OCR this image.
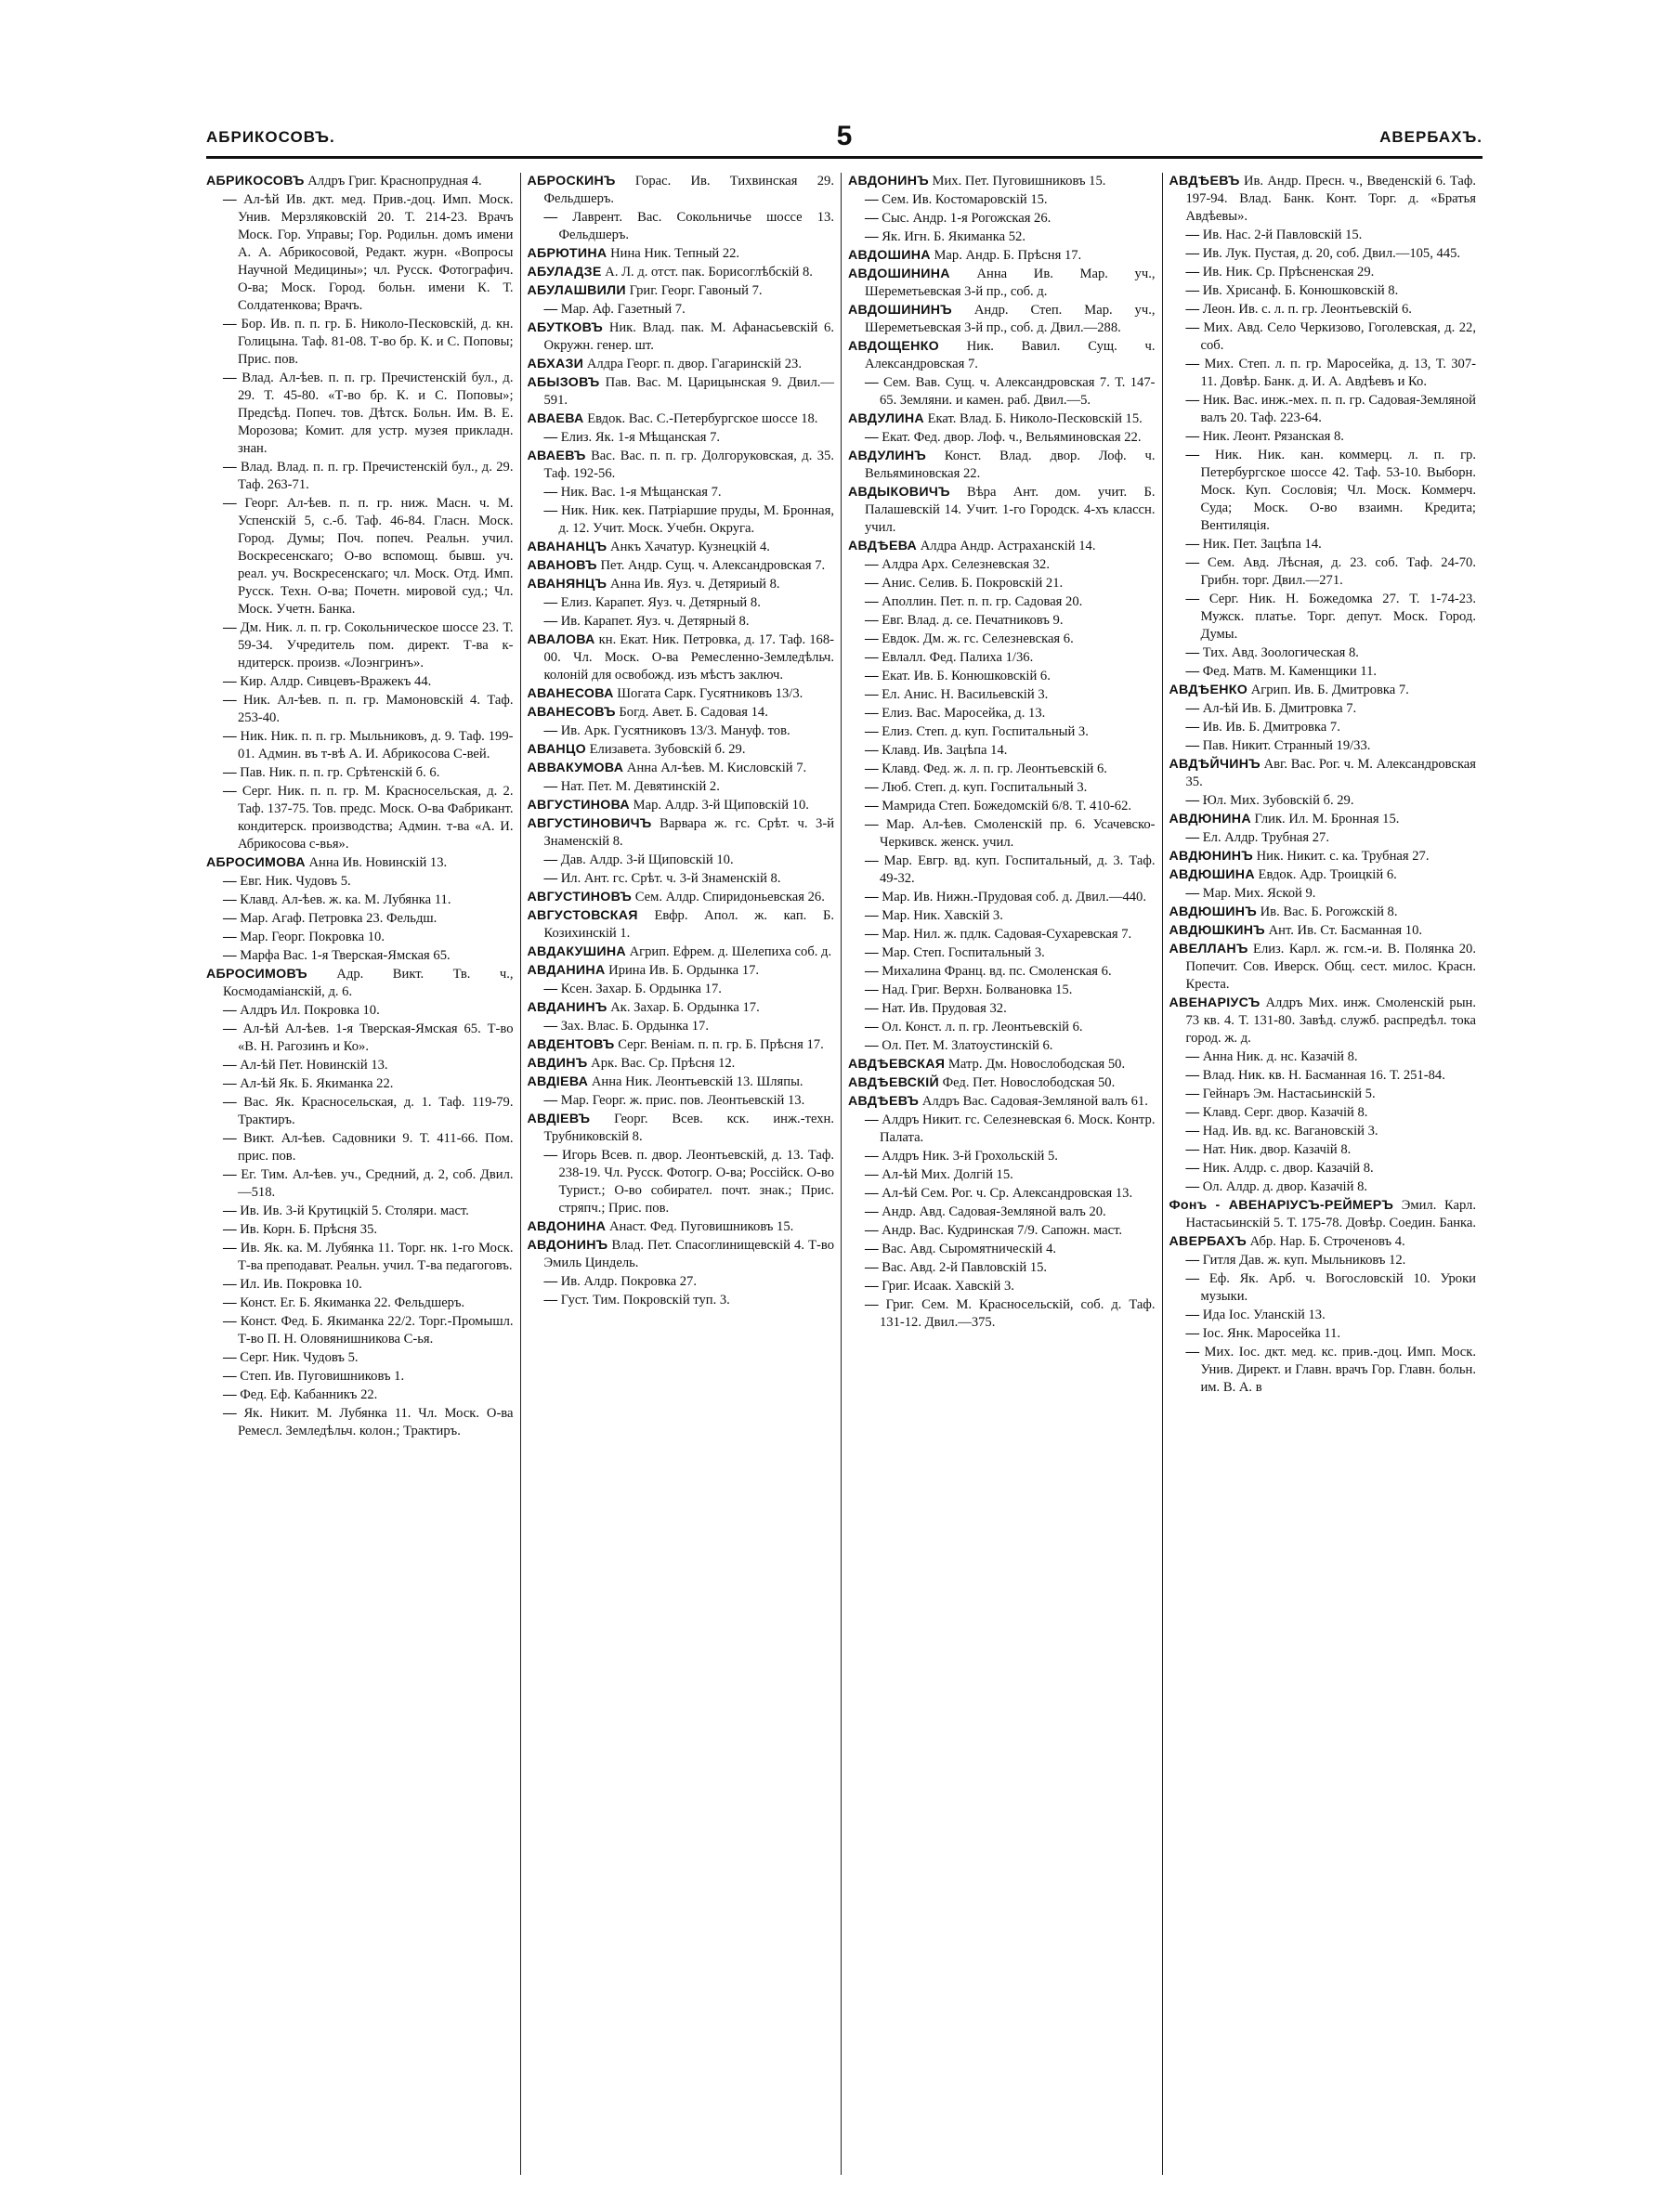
АБРИКОСОВЪ.	5	АВЕРБАХЪ.
АБРИКОСОВЪ Алдръ Григ. Краснопрудная 4.
— Ал-ѣй Ив. дкт. мед. Прив.-доц. Имп. Моск. Унив. Мерзляковскiй 20. Т. 214-23. Врачъ Моск. Гор. Управы; Гор. Родильн. домъ имени А. А. Абрикосовой, Редакт. журн. «Вопросы Научной Медицины»; чл. Русск. Фотографич. О-ва; Моск. Город. больн. имени К. Т. Солдатенкова; Врачъ.
— Бор. Ив. п. п. гр. Б. Николо-Песковскiй, д. кн. Голицына. Таф. 81-08. Т-во бр. К. и С. Поповы; Прис. пов.
— Влад. Ал-ѣев. п. п. гр. Пречистенскiй бул., д. 29. Т. 45-80. «Т-во бр. К. и С. Поповы»; Предсѣд. Попеч. тов. Дѣтск. Больн. Им. В. Е. Морозова; Комит. для устр. музея прикладн. знан.
— Влад. Влад. п. п. гр. Пречистенскiй бул., д. 29. Таф. 263-71.
— Георг. Ал-ѣев. п. п. гр. ниж. Масн. ч. М. Успенскiй 5, с.-б. Таф. 46-84. Гласн. Моск. Город. Думы; Поч. попеч. Реальн. учил. Воскресенскаго; О-во вспомощ. бывш. уч. реал. уч. Воскресенскаго; чл. Моск. Отд. Имп. Русск. Техн. О-ва; Почетн. мировой суд.; Чл. Моск. Учетн. Банка.
— Дм. Ник. л. п. гр. Сокольническое шоссе 23. Т. 59-34. Учредитель пом. директ. Т-ва к-ндитерск. произв. «Лоэнгринъ».
— Кир. Алдр. Сивцевъ-Вражекъ 44.
— Ник. Ал-ѣев. п. п. гр. Мамоновскiй 4. Таф. 253-40.
— Ник. Ник. п. п. гр. Мыльниковъ, д. 9. Таф. 199-01. Админ. въ т-вѣ А. И. Абрикосова С-вей.
— Пав. Ник. п. п. гр. Срѣтенскiй б. 6.
— Серг. Ник. п. п. гр. М. Красносельская, д. 2. Таф. 137-75. Тов. предс. Моск. О-ва Фабрикант. кондитерск. производства; Админ. т-ва «А. И. Абрикосова с-вья».
АБРОСИМОВА Анна Ив. Новинскiй 13.
— Евг. Ник. Чудовъ 5.
— Клавд. Ал-ѣев. ж. ка. М. Лубянка 11.
— Мар. Агаф. Петровка 23. Фельдш.
— Мар. Георг. Покровка 10.
— Марфа Вас. 1-я Тверская-Ямская 65.
АБРОСИМОВЪ Адр. Викт. Тв. ч., Космодамiанскiй, д. 6.
— Алдръ Ил. Покровка 10.
— Ал-ѣй Ал-ѣев. 1-я Тверская-Ямская 65. Т-во «В. Н. Рагозинъ и Ко».
— Ал-ѣй Пет. Новинскiй 13.
— Ал-ѣй Як. Б. Якиманка 22.
— Вас. Як. Красносельская, д. 1. Таф. 119-79. Трактиръ.
— Викт. Ал-ѣев. Садовники 9. Т. 411-66. Пом. прис. пов.
— Ег. Тим. Ал-ѣев. уч., Средний, д. 2, соб. Двил.—518.
— Ив. Ив. 3-й Крутицкiй 5. Столяри. маст.
— Ив. Корн. Б. Прѣсня 35.
— Ив. Як. ка. М. Лубянка 11. Торг. нк. 1-го Моск. Т-ва преподават. Реальн. учил. Т-ва педагоговъ.
— Ил. Ив. Покровка 10.
— Конст. Ег. Б. Якиманка 22. Фельдшеръ.
— Конст. Фед. Б. Якиманка 22/2. Торг.-Промышл. Т-во П. Н. Оловянишникова С-ья.
— Серг. Ник. Чудовъ 5.
— Степ. Ив. Пуговишниковъ 1.
— Фед. Еф. Кабанникъ 22.
— Як. Никит. М. Лубянка 11. Чл. Моск. О-ва Ремесл. Земледѣльч. колон.; Трактиръ.
АБРОСКИНЪ Горас. Ив. Тихвинская 29. Фельдшеръ.
— Лаврент. Вас. Сокольничье шоссе 13. Фельдшеръ.
АБРЮТИНА Нина Ник. Тепный 22.
АБУЛАДЗЕ А. Л. д. отст. пак. Борисоглѣбскiй 8.
АБУЛАШВИЛИ Григ. Георг. Гавоный 7.
— Мар. Аф. Газетный 7.
АБУТКОВЪ Ник. Влад. пак. М. Афанасьевскiй 6. Окружн. генер. шт.
АБХАЗИ Алдра Георг. п. двор. Гагаринскiй 23.
АБЫЗОВЪ Пав. Вас. М. Царицынская 9. Двил.—591.
АВАЕВА Евдок. Вас. С.-Петербургское шоссе 18.
— Елиз. Як. 1-я Мѣщанская 7.
АВАЕВЪ Вас. Вас. п. п. гр. Долгоруковская, д. 35. Таф. 192-56.
— Ник. Вас. 1-я Мѣщанская 7.
— Ник. Ник. кек. Патрiаршие пруды, М. Бронная, д. 12. Учит. Моск. Учебн. Округа.
АВАНАНЦЪ Анкъ Хачатур. Кузнецкiй 4.
АВАНОВЪ Пет. Андр. Сущ. ч. Александровская 7.
АВАНЯНЦЪ Анна Ив. Яуз. ч. Детяриый 8.
— Елиз. Карапет. Яуз. ч. Детярный 8.
— Ив. Карапет. Яуз. ч. Детярный 8.
АВАЛОВА кн. Екат. Ник. Петровка, д. 17. Таф. 168-00. Чл. Моск. О-ва Ремесленно-Земледѣльч. колоній для освобожд. изъ мѣстъ заключ.
АВАНЕСОВА Шогата Сарк. Гусятниковъ 13/3.
АВАНЕСОВЪ Богд. Авет. Б. Садовая 14.
— Ив. Арк. Гусятниковъ 13/3. Мануф. тов.
АВАНЦО Елизавета. Зубовскiй б. 29.
АВВАКУМОВА Анна Ал-ѣев. М. Кисловскiй 7.
— Нат. Пет. М. Девятинскiй 2.
АВГУСТИНОВА Мар. Алдр. 3-й Щиповскiй 10.
АВГУСТИНОВИЧЪ Варвара ж. гс. Срѣт. ч. 3-й Знаменскiй 8.
— Дав. Алдр. 3-й Щиповскiй 10.
— Ил. Ант. гс. Срѣт. ч. 3-й Знаменскiй 8.
АВГУСТИНОВЪ Сем. Алдр. Спиридоньевская 26.
АВГУСТОВСКАЯ Евфр. Апол. ж. кап. Б. Козихинскiй 1.
АВДАКУШИНА Агрип. Ефрем. д. Шелепиха соб. д.
АВДАНИНА Ирина Ив. Б. Ордынка 17.
— Ксен. Захар. Б. Ордынка 17.
АВДАНИНЪ Ак. Захар. Б. Ордынка 17.
— Зах. Влас. Б. Ордынка 17.
АВДЕНТОВЪ Серг. Веніам. п. п. гр. Б. Прѣсня 17.
АВДИНЪ Арк. Вас. Ср. Прѣсня 12.
АВДIЕВА Анна Ник. Леонтьевскiй 13. Шляпы.
— Мар. Георг. ж. прис. пов. Леонтьевскiй 13.
АВДIЕВЪ Георг. Всев. кск. инж.-техн. Трубниковскiй 8.
— Игорь Всев. п. двор. Леонтьевскiй, д. 13. Таф. 238-19. Чл. Русск. Фотогр. О-ва; Россiйск. О-во Турист.; О-во собирател. почт. знак.; Прис. стряпч.; Прис. пов.
АВДОНИНА Анаст. Фед. Пуговишниковъ 15.
АВДОНИНЪ Влад. Пет. Спасоглинищевскiй 4. Т-во Эмиль Циндель.
— Ив. Алдр. Покровка 27.
— Густ. Тим. Покровскiй туп. 3.
АВДОНИНЪ Мих. Пет. Пуговишниковъ 15.
— Сем. Ив. Костомаровскiй 15.
— Сыс. Андр. 1-я Рогожская 26.
— Як. Игн. Б. Якиманка 52.
АВДОШИНА Мар. Андр. Б. Прѣсня 17.
АВДОШИНИНА Анна Ив. Мар. уч., Шереметьевская 3-й пр., соб. д.
АВДОШИНИНЪ Андр. Степ. Мар. уч., Шереметьевская 3-й пр., соб. д. Двил.—288.
АВДОЩЕНКО Ник. Вавил. Сущ. ч. Александровская 7.
— Сем. Вав. Сущ. ч. Александровская 7. Т. 147-65. Земляни. и камен. раб. Двил.—5.
АВДУЛИНА Екат. Влад. Б. Николо-Песковскiй 15.
— Екат. Фед. двор. Лоф. ч., Вельяминовская 22.
АВДУЛИНЪ Конст. Влад. двор. Лоф. ч. Вельяминовская 22.
АВДЫКОВИЧЪ Вѣра Ант. дом. учит. Б. Палашевскiй 14. Учит. 1-го Городск. 4-хъ классн. учил.
АВДѢЕВА Алдра Андр. Астраханскiй 14.
— Алдра Арх. Селезневская 32.
— Анис. Селив. Б. Покровскiй 21.
— Аполлин. Пет. п. п. гр. Садовая 20.
— Евг. Влад. д. се. Печатниковъ 9.
— Евдок. Дм. ж. гс. Селезневская 6.
— Евлалл. Фед. Палиха 1/36.
— Екат. Ив. Б. Конюшковскiй 6.
— Ел. Анис. Н. Васильевскiй 3.
— Елиз. Вас. Маросейка, д. 13.
— Елиз. Степ. д. куп. Госпитальный 3.
— Клавд. Ив. Зацѣпа 14.
— Клавд. Фед. ж. л. п. гр. Леонтьевскiй 6.
— Люб. Степ. д. куп. Госпитальный 3.
— Мамрида Степ. Божедомскiй 6/8. Т. 410-62.
— Мар. Ал-ѣев. Смоленскiй пр. 6. Усачевско-Черкивск. женск. учил.
— Мар. Евгр. вд. куп. Госпитальный, д. 3. Таф. 49-32.
— Мар. Ив. Нижн.-Прудовая соб. д. Двил.—440.
— Мар. Ник. Хавскiй 3.
— Мар. Нил. ж. пдлк. Садовая-Сухаревская 7.
— Мар. Степ. Госпитальный 3.
— Михалина Франц. вд. пс. Смоленская 6.
— Над. Григ. Верхн. Болвановка 15.
— Нат. Ив. Прудовая 32.
— Ол. Конст. л. п. гр. Леонтьевскiй 6.
— Ол. Пет. М. Златоустинскiй 6.
АВДѢЕВСКАЯ Матр. Дм. Новослободская 50.
АВДѢЕВСКIЙ Фед. Пет. Новослободская 50.
АВДѢЕВЪ Алдръ Вас. Садовая-Земляной валъ 61.
— Алдръ Никит. гс. Селезневская 6. Моск. Контр. Палата.
— Алдръ Ник. 3-й Грохольскiй 5.
— Ал-ѣй Мих. Долгiй 15.
— Ал-ѣй Сем. Рог. ч. Ср. Александровская 13.
— Андр. Авд. Садовая-Земляной валъ 20.
— Андр. Вас. Кудринская 7/9. Сапожн. маст.
— Вас. Авд. Сыромятническiй 4.
— Вас. Авд. 2-й Павловскiй 15.
— Григ. Исаак. Хавскiй 3.
— Григ. Сем. М. Красносельскiй, соб. д. Таф. 131-12. Двил.—375.
АВДѢЕВЪ Ив. Андр. Пресн. ч., Введенскiй 6. Таф. 197-94. Влад. Банк. Конт. Торг. д. «Братья Авдѣевы».
— Ив. Нас. 2-й Павловскiй 15.
— Ив. Лук. Пустая, д. 20, соб. Двил.—105, 445.
— Ив. Ник. Ср. Прѣсненская 29.
— Ив. Хрисанф. Б. Конюшковскiй 8.
— Леон. Ив. с. л. п. гр. Леонтьевскiй 6.
— Мих. Авд. Село Черкизово, Гоголевская, д. 22, соб.
— Мих. Степ. л. п. гр. Маросейка, д. 13, Т. 307-11. Довѣр. Банк. д. И. А. Авдѣевъ и Ко.
— Ник. Вас. инж.-мех. п. п. гр. Садовая-Земляной валъ 20. Таф. 223-64.
— Ник. Леонт. Рязанская 8.
— Ник. Ник. кан. коммерц. л. п. гр. Петербургское шоссе 42. Таф. 53-10. Выборн. Моск. Куп. Сословія; Чл. Моск. Коммерч. Суда; Моск. О-во взаимн. Кредита; Вентиляція.
— Ник. Пет. Зацѣпа 14.
— Сем. Авд. Лѣсная, д. 23. соб. Таф. 24-70. Грибн. торг. Двил.—271.
— Серг. Ник. Н. Божедомка 27. Т. 1-74-23. Мужск. платье. Торг. депут. Моск. Город. Думы.
— Тих. Авд. Зоологическая 8.
— Фед. Матв. М. Каменщики 11.
АВДѢЕНКО Агрип. Ив. Б. Дмитровка 7.
— Ал-ѣй Ив. Б. Дмитровка 7.
— Ив. Ив. Б. Дмитровка 7.
— Пав. Никит. Странный 19/33.
АВДѢЙЧИНЪ Авг. Вас. Рог. ч. М. Александровская 35.
— Юл. Мих. Зубовскiй б. 29.
АВДЮНИНА Глик. Ил. М. Бронная 15.
— Ел. Алдр. Трубная 27.
АВДЮНИНЪ Ник. Никит. с. ка. Трубная 27.
АВДЮШИНА Евдок. Адр. Троицкiй 6.
— Мар. Мих. Яской 9.
АВДЮШИНЪ Ив. Вас. Б. Рогожскiй 8.
АВДЮШКИНЪ Ант. Ив. Ст. Басманная 10.
АВЕЛЛАНЪ Елиз. Карл. ж. гсм.-и. В. Полянка 20. Попечит. Сов. Иверск. Общ. сест. милос. Красн. Креста.
АВЕНАРIУСЪ Алдръ Мих. инж. Смоленскiй рын. 73 кв. 4. Т. 131-80. Завѣд. служб. распредѣл. тока город. ж. д.
— Анна Ник. д. нс. Казачiй 8.
— Влад. Ник. кв. Н. Басманная 16. Т. 251-84.
— Гейнаръ Эм. Настасьинскiй 5.
— Клавд. Серг. двор. Казачiй 8.
— Над. Ив. вд. кс. Вагановскiй 3.
— Нат. Ник. двор. Казачiй 8.
— Ник. Алдр. с. двор. Казачiй 8.
— Ол. Алдр. д. двор. Казачiй 8.
Фонъ - АВЕНАРIУСЪ-РЕЙМЕРЪ Эмил. Карл. Настасьинскiй 5. Т. 175-78. Довѣр. Соедин. Банка.
АВЕРБАХЪ Абр. Нар. Б. Строченовъ 4.
— Гитля Дав. ж. куп. Мыльниковъ 12.
— Еф. Як. Арб. ч. Вогословскiй 10. Уроки музыки.
— Ида Іос. Уланскiй 13.
— Іос. Янк. Маросейка 11.
— Мих. Іос. дкт. мед. кс. прив.-доц. Имп. Моск. Унив. Директ. и Главн. врачъ Гор. Главн. больн. им. В. А. в
